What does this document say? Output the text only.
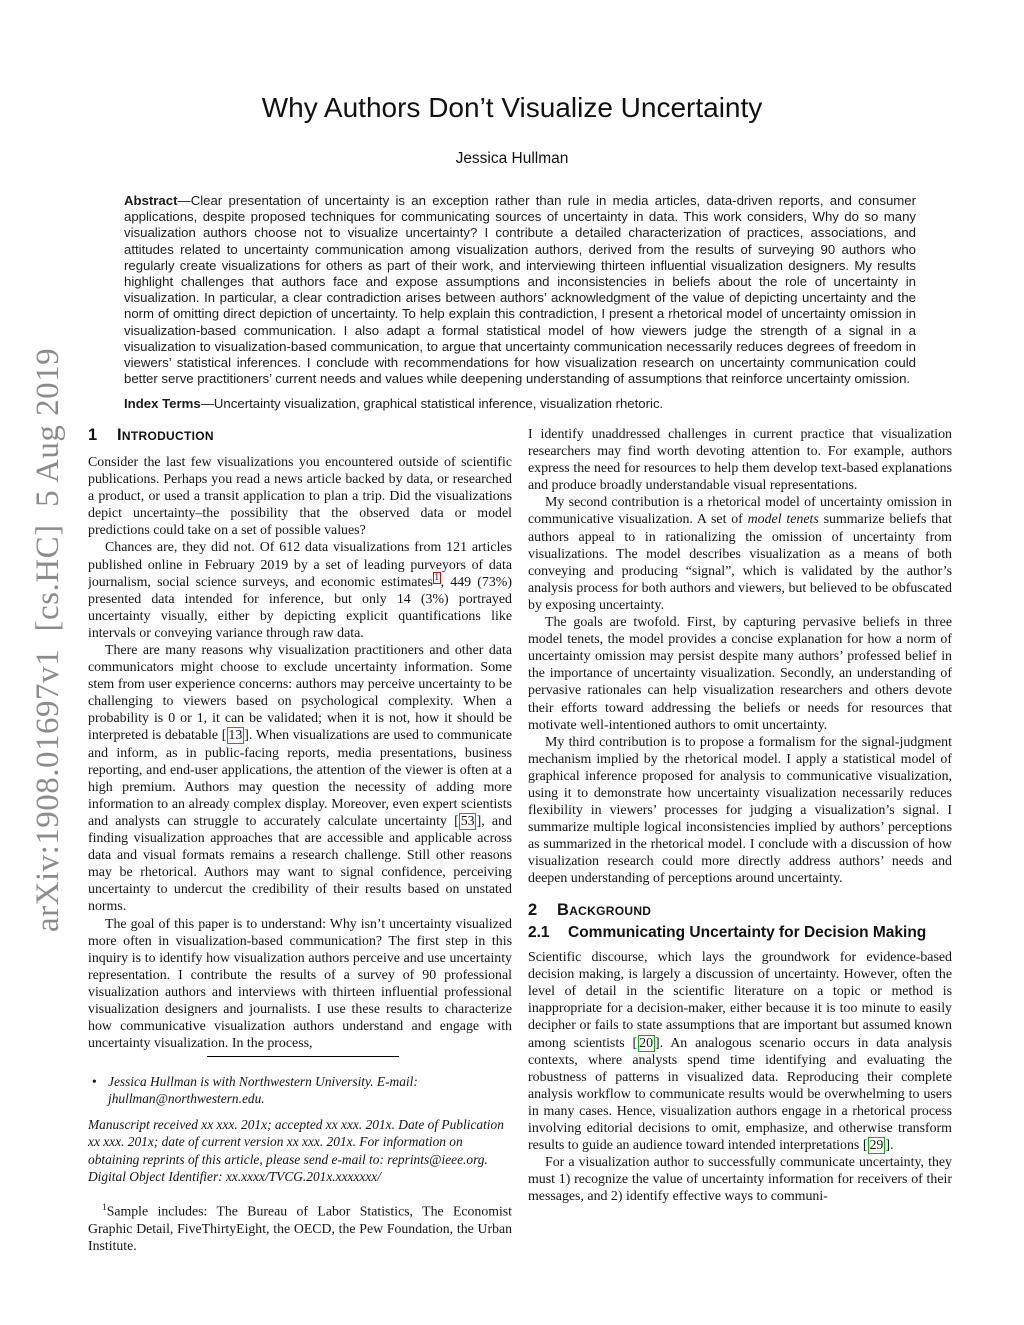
arXiv:1908.01697v1  [cs.HC]  5 Aug 2019
Why Authors Don’t Visualize Uncertainty
Jessica Hullman
Abstract—Clear presentation of uncertainty is an exception rather than rule in media articles, data-driven reports, and consumer applications, despite proposed techniques for communicating sources of uncertainty in data. This work considers, Why do so many visualization authors choose not to visualize uncertainty? I contribute a detailed characterization of practices, associations, and attitudes related to uncertainty communication among visualization authors, derived from the results of surveying 90 authors who regularly create visualizations for others as part of their work, and interviewing thirteen influential visualization designers. My results highlight challenges that authors face and expose assumptions and inconsistencies in beliefs about the role of uncertainty in visualization. In particular, a clear contradiction arises between authors’ acknowledgment of the value of depicting uncertainty and the norm of omitting direct depiction of uncertainty. To help explain this contradiction, I present a rhetorical model of uncertainty omission in visualization-based communication. I also adapt a formal statistical model of how viewers judge the strength of a signal in a visualization to visualization-based communication, to argue that uncertainty communication necessarily reduces degrees of freedom in viewers’ statistical inferences. I conclude with recommendations for how visualization research on uncertainty communication could better serve practitioners’ current needs and values while deepening understanding of assumptions that reinforce uncertainty omission.
Index Terms—Uncertainty visualization, graphical statistical inference, visualization rhetoric.
1 Introduction

Consider the last few visualizations you encountered outside of scientific publications. Perhaps you read a news article backed by data, or researched a product, or used a transit application to plan a trip. Did the visualizations depict uncertainty–the possibility that the observed data or model predictions could take on a set of possible values?

Chances are, they did not. Of 612 data visualizations from 121 articles published online in February 2019 by a set of leading purveyors of data journalism, social science surveys, and economic estimates $^1$ , 449 (73%) presented data intended for inference, but only 14 (3%) portrayed uncertainty visually, either by depicting explicit quantifications like intervals or conveying variance through raw data.

There are many reasons why visualization practitioners and other data communicators might choose to exclude uncertainty information. Some stem from user experience concerns: authors may perceive uncertainty to be challenging to viewers based on psychological complexity. When a probability is 0 or 1, it can be validated; when it is not, how it should be interpreted is debatable [ 13 ]. When visualizations are used to communicate and inform, as in public-facing reports, media presentations, business reporting, and end-user applications, the attention of the viewer is often at a high premium. Authors may question the necessity of adding more information to an already complex display. Moreover, even expert scientists and analysts can struggle to accurately calculate uncertainty [ 53 ], and finding visualization approaches that are accessible and applicable across data and visual formats remains a research challenge. Still other reasons may be rhetorical. Authors may want to signal confidence, perceiving uncertainty to undercut the credibility of their results based on unstated norms.

The goal of this paper is to understand: Why isn’t uncertainty visualized more often in visualization-based communication? The first step in this inquiry is to identify how visualization authors perceive and use uncertainty representation. I contribute the results of a survey of 90 professional visualization authors and interviews with thirteen influential professional visualization designers and journalists. I use these results to characterize how communicative visualization authors understand and engage with uncertainty visualization. In the process,

I identify unaddressed challenges in current practice that visualization researchers may find worth devoting attention to. For example, authors express the need for resources to help them develop text-based explanations and produce broadly understandable visual representations.

My second contribution is a rhetorical model of uncertainty omission in communicative visualization. A set of model tenets summarize beliefs that authors appeal to in rationalizing the omission of uncertainty from visualizations. The model describes visualization as a means of both conveying and producing “signal”, which is validated by the author’s analysis process for both authors and viewers, but believed to be obfuscated by exposing uncertainty.

The goals are twofold. First, by capturing pervasive beliefs in three model tenets, the model provides a concise explanation for how a norm of uncertainty omission may persist despite many authors’ professed belief in the importance of uncertainty visualization. Secondly, an understanding of pervasive rationales can help visualization researchers and others devote their efforts toward addressing the beliefs or needs for resources that motivate well-intentioned authors to omit uncertainty.

My third contribution is to propose a formalism for the signal-judgment mechanism implied by the rhetorical model. I apply a statistical model of graphical inference proposed for analysis to communicative visualization, using it to demonstrate how uncertainty visualization necessarily reduces flexibility in viewers’ processes for judging a visualization’s signal. I summarize multiple logical inconsistencies implied by authors’ perceptions as summarized in the rhetorical model. I conclude with a discussion of how visualization research could more directly address authors’ needs and deepen understanding of perceptions around uncertainty.

2 Background
2.1 Communicating Uncertainty for Decision Making

Scientific discourse, which lays the groundwork for evidence-based decision making, is largely a discussion of uncertainty. However, often the level of detail in the scientific literature on a topic or method is inappropriate for a decision-maker, either because it is too minute to easily decipher or fails to state assumptions that are important but assumed known among scientists [ 20 ]. An analogous scenario occurs in data analysis contexts, where analysts spend time identifying and evaluating the robustness of patterns in visualized data. Reproducing their complete analysis workflow to communicate results would be overwhelming to users in many cases. Hence, visualization authors engage in a rhetorical process involving editorial decisions to omit, emphasize, and otherwise transform results to guide an audience toward intended interpretations [ 29 ].

For a visualization author to successfully communicate uncertainty, they must 1) recognize the value of uncertainty information for receivers of their messages, and 2) identify effective ways to communi-

• Jessica Hullman is with Northwestern University. E-mail: jhullman@northwestern.edu.
Manuscript received xx xxx. 201x; accepted xx xxx. 201x. Date of Publication xx xxx. 201x; date of current version xx xxx. 201x. For information on obtaining reprints of this article, please send e-mail to: reprints@ieee.org. Digital Object Identifier: xx.xxxx/TVCG.201x.xxxxxxx/
$^1$Sample includes: The Bureau of Labor Statistics, The Economist Graphic Detail, FiveThirtyEight, the OECD, the Pew Foundation, the Urban Institute.
